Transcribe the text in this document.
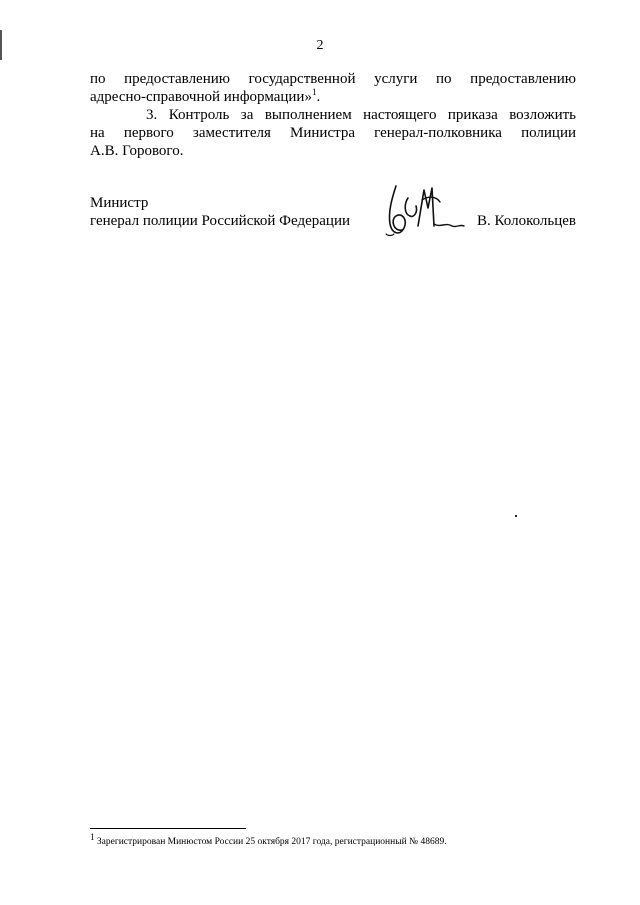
2
по предоставлению государственной услуги по предоставлению
адресно-справочной информации»$^1$.
3. Контроль за выполнением настоящего приказа возложить
на первого заместителя Министра генерал-полковника полиции
А.В. Горового.
Министр
генерал полиции Российской Федерации	В. Колокольцев
$^1$ Зарегистрирован Минюстом России 25 октября 2017 года, регистрационный № 48689.
